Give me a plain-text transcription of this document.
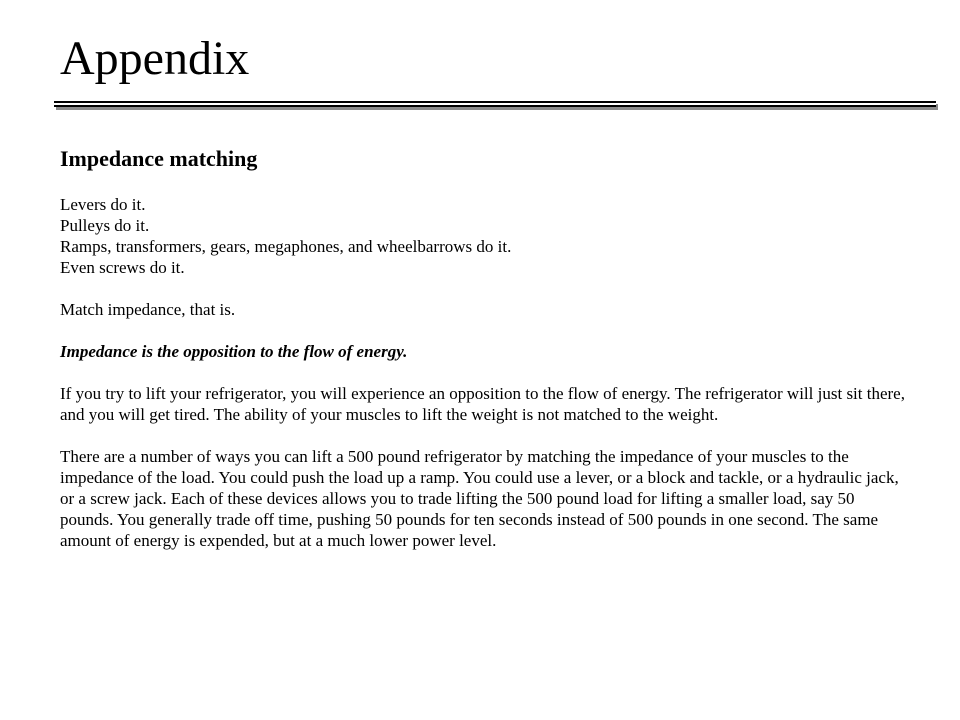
Appendix
Impedance matching

Levers do it.
Pulleys do it.
Ramps, transformers, gears, megaphones, and wheelbarrows do it.
Even screws do it.

Match impedance, that is.

Impedance is the opposition to the flow of energy.

If you try to lift your refrigerator, you will experience an opposition to the flow of energy. The refrigerator will just sit there, and you will get tired. The ability of your muscles to lift the weight is not matched to the weight.

There are a number of ways you can lift a 500 pound refrigerator by matching the impedance of your muscles to the impedance of the load. You could push the load up a ramp. You could use a lever, or a block and tackle, or a hydraulic jack, or a screw jack. Each of these devices allows you to trade lifting the 500 pound load for lifting a smaller load, say 50 pounds. You generally trade off time, pushing 50 pounds for ten seconds instead of 500 pounds in one second. The same amount of energy is expended, but at a much lower power level.
